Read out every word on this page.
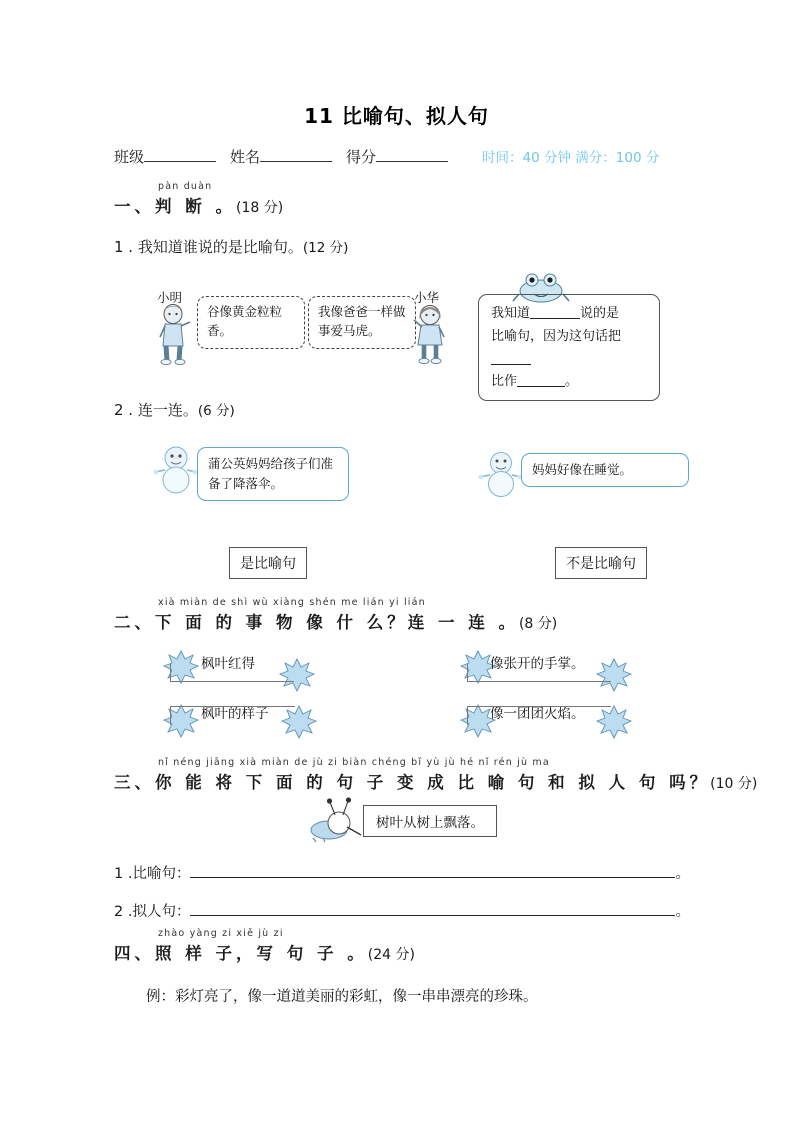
11 比喻句、拟人句
班级	姓名	得分	时间：40 分钟 满分：100 分
pàn duàn
一、判 断 。(18 分)
1 . 我知道谁说的是比喻句。(12 分)
小明
谷像黄金粒粒香。
我像爸爸一样做事爱马虎。
小华
我知道	说的是
比喻句，因为这句话把
比作	。
2 . 连一连。(6 分)
蒲公英妈妈给孩子们准备了降落伞。
妈妈好像在睡觉。
是比喻句	不是比喻句
xià miàn de shì wù xiàng shén me lián yi lián
二、下 面 的 事 物 像 什 么？连 一 连 。(8 分)
枫叶红得
枫叶的样子
像张开的手掌。
像一团团火焰。
nǐ néng jiāng xià miàn de jù zi biàn chéng bǐ yù jù hé nǐ rén jù ma
三、你 能 将 下 面 的 句 子 变 成 比 喻 句 和 拟 人 句 吗？(10 分)
树叶从树上飘落。
1 .比喻句：	。
2 .拟人句：	。
zhào yàng zi xiě jù zi
四、照 样 子，写 句 子 。(24 分)
例：彩灯亮了，像一道道美丽的彩虹，像一串串漂亮的珍珠。
